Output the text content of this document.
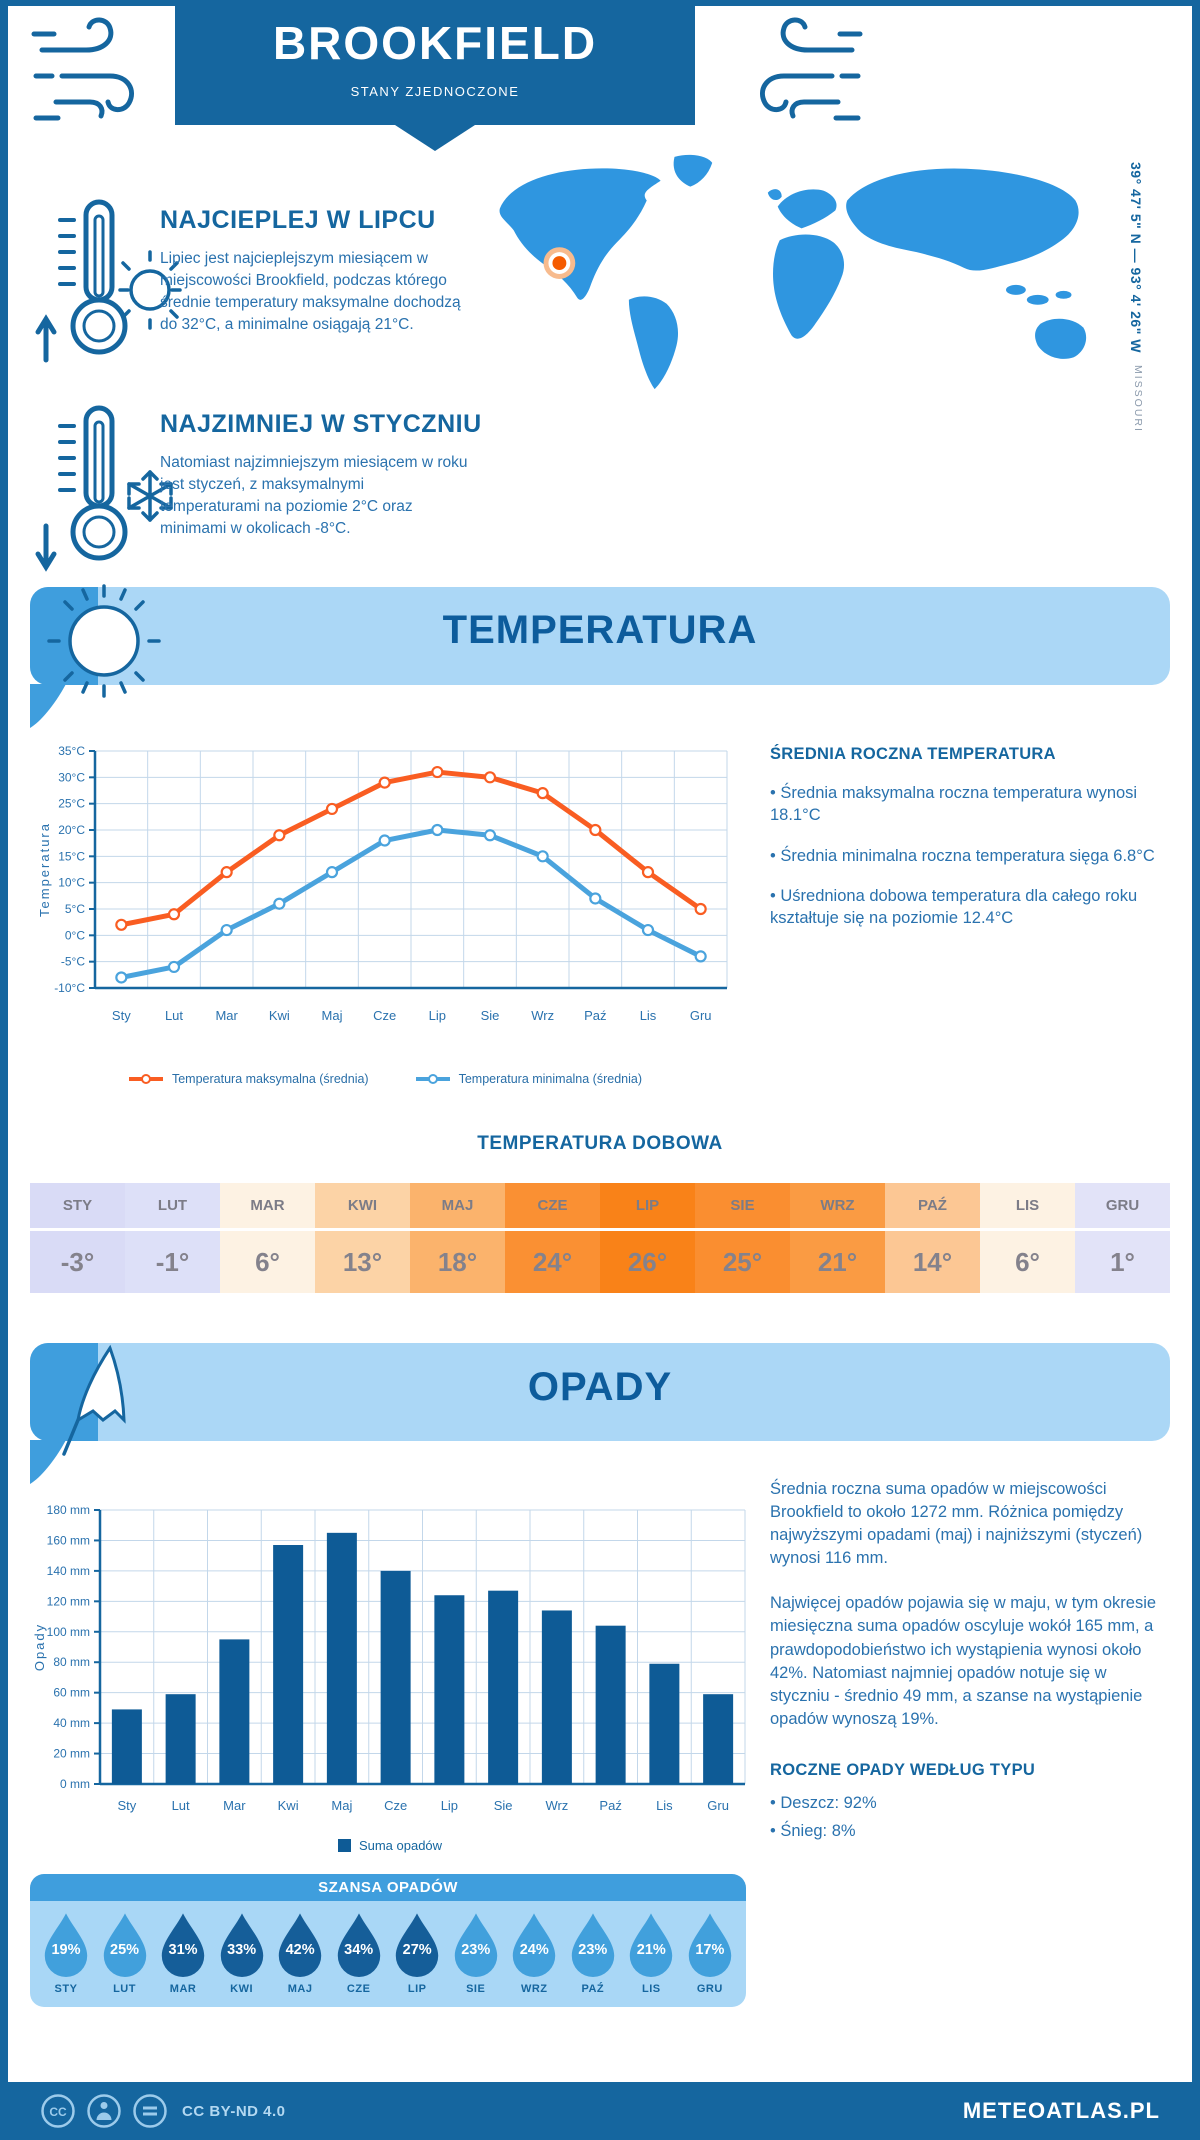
BROOKFIELD
STANY ZJEDNOCZONE
NAJCIEPLEJ W LIPCU
Lipiec jest najcieplejszym miesiącem w miejscowości Brookfield, podczas którego średnie temperatury maksymalne dochodzą do 32°C, a minimalne osiągają 21°C.
NAJZIMNIEJ W STYCZNIU
Natomiast najzimniejszym miesiącem w roku jest styczeń, z maksymalnymi temperaturami na poziomie 2°C oraz minimami w okolicach -8°C.
39° 47' 5" N — 93° 4' 26" W
MISSOURI
TEMPERATURA
-10°C
-5°C
0°C
5°C
10°C
15°C
20°C
25°C
30°C
35°C
Sty	Lut Mar Kwi Maj Cze Lip	Sie Wrz Paź	Lis	Gru
Temperatura
Temperatura maksymalna (średnia)	Temperatura minimalna (średnia)
ŚREDNIA ROCZNA TEMPERATURA
• Średnia maksymalna roczna temperatura wynosi 18.1°C
• Średnia minimalna roczna temperatura sięga 6.8°C
• Uśredniona dobowa temperatura dla całego roku kształtuje się na poziomie 12.4°C
TEMPERATURA DOBOWA
STY
-3°
LUT
-1°
MAR
6°
KWI
13°
MAJ
18°
CZE
24°
LIP
26°
SIE
25°
WRZ
21°
PAŹ
14°
LIS
6°
GRU
1°
OPADY
0 mm
20 mm
40 mm
60 mm
80 mm
100 mm
120 mm
140 mm
160 mm
180 mm
Sty	Lut	Mar Kwi	Maj Cze	Lip	Sie	Wrz Paź	Lis	Gru
Opady
Suma opadów
Średnia roczna suma opadów w miejscowości Brookfield to około 1272 mm. Różnica pomiędzy najwyższymi opadami (maj) i najniższymi (styczeń) wynosi 116 mm.
Najwięcej opadów pojawia się w maju, w tym okresie miesięczna suma opadów oscyluje wokół 165 mm, a prawdopodobieństwo ich wystąpienia wynosi około 42%. Natomiast najmniej opadów notuje się w styczniu - średnio 49 mm, a szanse na wystąpienie opadów wynoszą 19%.
ROCZNE OPADY WEDŁUG TYPU
• Deszcz: 92%
• Śnieg: 8%
SZANSA OPADÓW
19%
STY
25%
LUT
31%
MAR
33%
KWI
42%
MAJ
34%
CZE
27%
LIP
23%
SIE
24%
WRZ
23%
PAŹ
21%
LIS
17%
GRU
CC	CC BY-ND 4.0	METEOATLAS.PL
